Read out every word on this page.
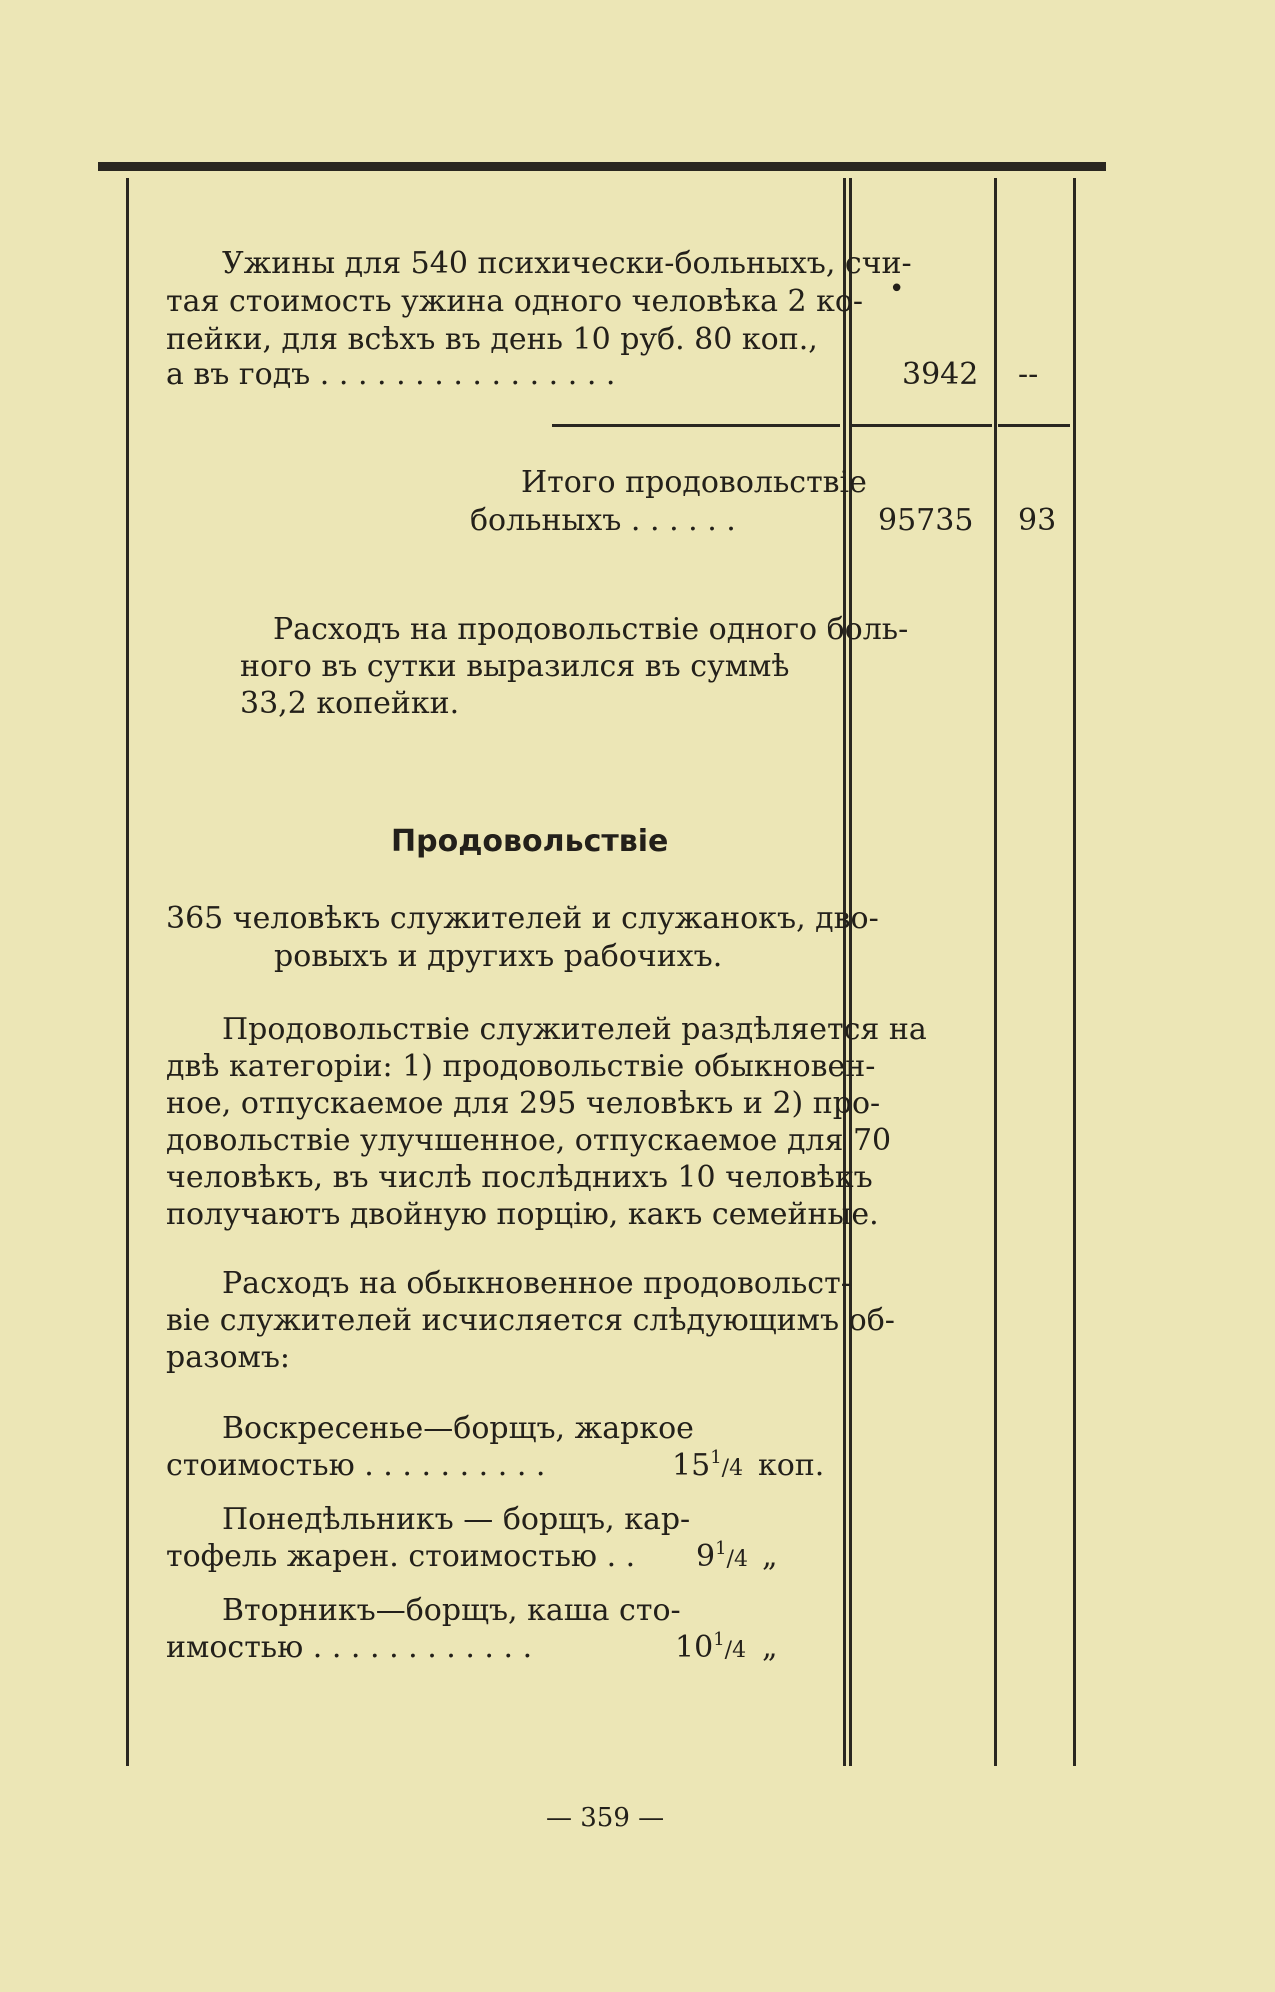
Ужины для 540 психически-больныхъ, счи-
тая стоимость ужина одного человѣка 2 ко-
пейки, для всѣхъ въ день 10 руб. 80 коп.,
а въ годъ . . . . . . . . . . . . . . . .	3942 --
•
Итого продовольствіе
больныхъ . . . . . .	95735 93
Расходъ на продовольствіе одного боль-
ного въ сутки выразился въ суммѣ
33,2 копейки.
Продовольствіе
365 человѣкъ служителей и служанокъ, дво-
ровыхъ и другихъ рабочихъ.
Продовольствіе служителей раздѣляется на
двѣ категоріи: 1) продовольствіе обыкновен-
ное, отпускаемое для 295 человѣкъ и 2) про-
довольствіе улучшенное, отпускаемое для 70
человѣкъ, въ числѣ послѣднихъ 10 человѣкъ
получаютъ двойную порцію, какъ семейные.
Расходъ на обыкновенное продовольст-
віе служителей исчисляется слѣдующимъ об-
разомъ:
Воскресенье—борщъ, жаркое
стоимостью . . . . . . . . . .	$15^1/4$ коп.
Понедѣльникъ — борщъ, кар-
тофель жарен. стоимостью . . $9^1/4$ „
Вторникъ—борщъ, каша сто-
имостью . . . . . . . . . . . .	$10^1/4$ „
— 359 —
